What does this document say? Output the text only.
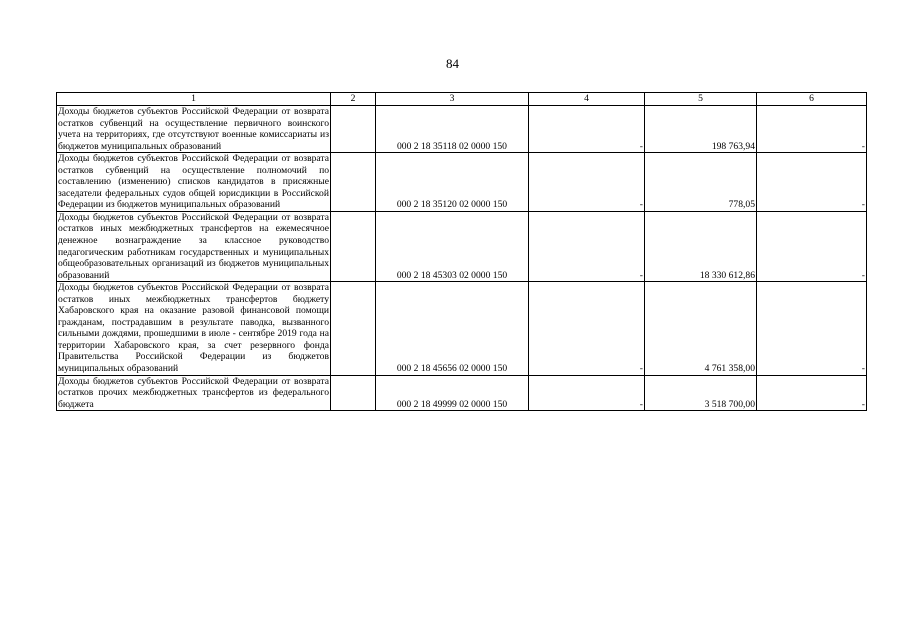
84
1	2	3	4	5	6
Доходы бюджетов субъектов Российской Федерации от возврата остатков субвенций на осуществление первичного воинского учета на территориях, где отсутствуют военные комиссариаты из бюджетов муниципальных образований		000 2 18 35118 02 0000 150	-	198 763,94	-
Доходы бюджетов субъектов Российской Федерации от возврата остатков субвенций на осуществление полномочий по составлению (изменению) списков кандидатов в присяжные заседатели федеральных судов общей юрисдикции в Российской Федерации из бюджетов муниципальных образований		000 2 18 35120 02 0000 150	-	778,05	-
Доходы бюджетов субъектов Российской Федерации от возврата остатков иных межбюджетных трансфертов на ежемесячное денежное вознаграждение за классное руководство педагогическим работникам государственных и муниципальных общеобразовательных организаций из бюджетов муниципальных образований		000 2 18 45303 02 0000 150	-	18 330 612,86	-
Доходы бюджетов субъектов Российской Федерации от возврата остатков иных межбюджетных трансфертов бюджету Хабаровского края на оказание разовой финансовой помощи гражданам, пострадавшим в результате паводка, вызванного сильными дождями, прошедшими в июле - сентябре 2019 года на территории Хабаровского края, за счет резервного фонда Правительства Российской Федерации из бюджетов муниципальных образований		000 2 18 45656 02 0000 150	-	4 761 358,00	-
Доходы бюджетов субъектов Российской Федерации от возврата остатков прочих межбюджетных трансфертов из федерального бюджета		000 2 18 49999 02 0000 150	-	3 518 700,00	-
